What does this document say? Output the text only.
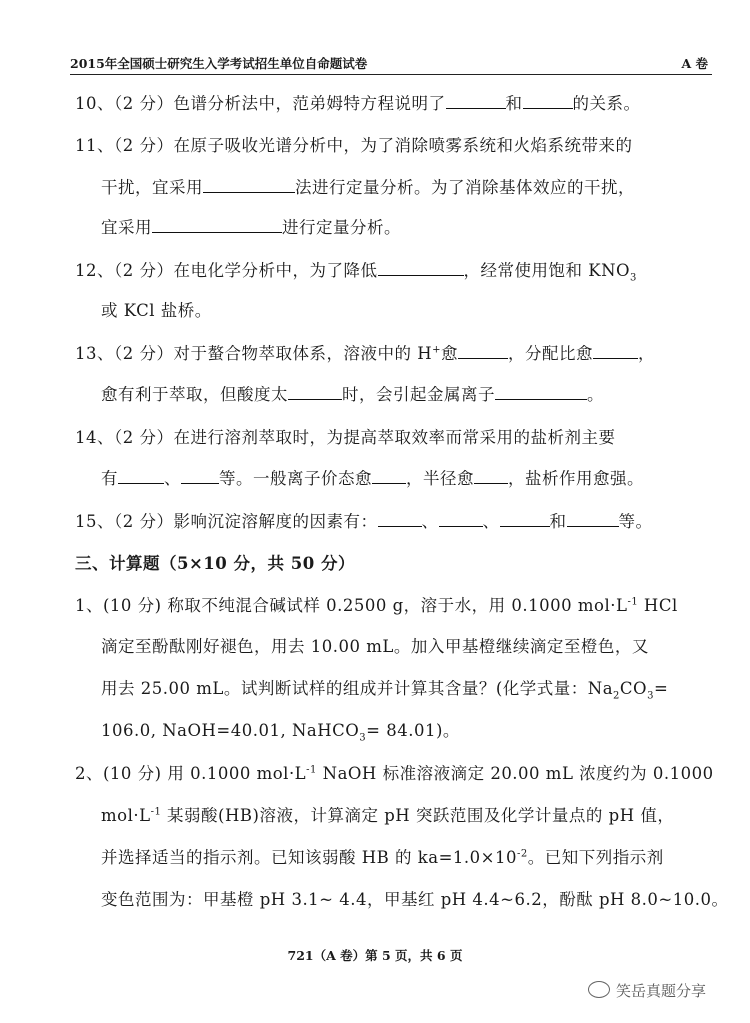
2015年全国硕士研究生入学考试招生单位自命题试卷	A 卷
10、（2 分）色谱分析法中，范弟姆特方程说明了	和	的关系。
11、（2 分）在原子吸收光谱分析中，为了消除喷雾系统和火焰系统带来的
干扰，宜采用	法进行定量分析。为了消除基体效应的干扰，
宜采用	进行定量分析。
12、（2 分）在电化学分析中，为了降低	，经常使用饱和 $KNO_3$
或 KCl 盐桥。
13、（2 分）对于螯合物萃取体系，溶液中的 H+愈	，分配比愈	，
愈有利于萃取，但酸度太	时，会引起金属离子	。
14、（2 分）在进行溶剂萃取时，为提高萃取效率而常采用的盐析剂主要
有	、 等。一般离子价态愈 ，半径愈 ，盐析作用愈强。
15、（2 分）影响沉淀溶解度的因素有：	、	、	和	等。
三、计算题（5×10 分，共 50 分）
1、(10 分) 称取不纯混合碱试样 0.2500 g，溶于水，用 0.1000 $mol\cdot L^{-1}$ HCl
滴定至酚酞刚好褪色，用去 10.00 mL。加入甲基橙继续滴定至橙色，又
用去 25.00 mL。试判断试样的组成并计算其含量？(化学式量：$Na_2CO_3=$
106.0, NaOH=40.01, NaHCO$_3$= 84.01)。
2、(10 分) 用 0.1000 $mol\cdot L^{-1}$ NaOH 标准溶液滴定 20.00 mL 浓度约为 0.1000
$mol\cdot L^{-1}$ 某弱酸(HB)溶液，计算滴定 pH 突跃范围及化学计量点的 pH 值，
并选择适当的指示剂。已知该弱酸 HB 的 $ka=1.0\times 10^{-2}$。已知下列指示剂
变色范围为：甲基橙 pH 3.1~ 4.4，甲基红 pH 4.4~6.2，酚酞 pH 8.0~10.0。
721（A 卷）第 5 页，共 6 页
笑岳真题分享
